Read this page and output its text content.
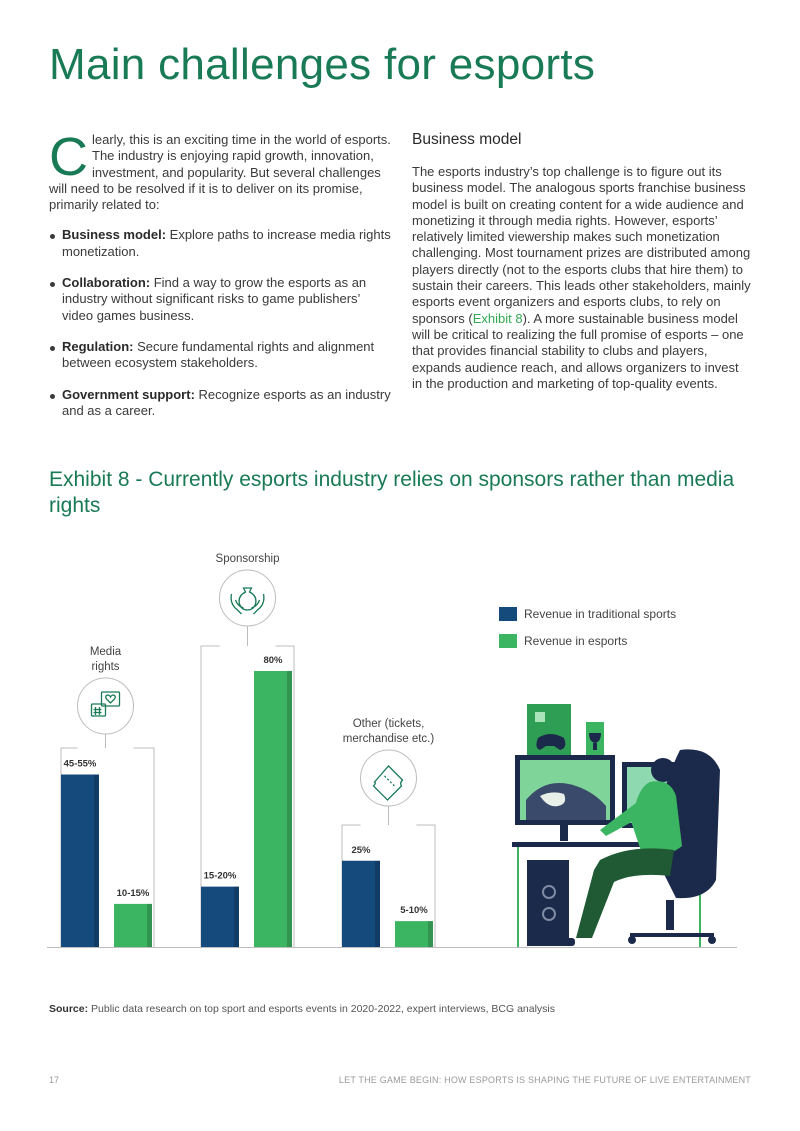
Main challenges for esports

Clearly, this is an exciting time in the world of esports. The industry is enjoying rapid growth, innovation, investment, and popularity. But several challenges will need to be resolved if it is to deliver on its promise, primarily related to:

Business model: Explore paths to increase media rights monetization.
Collaboration: Find a way to grow the esports as an industry without significant risks to game publishers’ video games business.
Regulation: Secure fundamental rights and alignment between ecosystem stakeholders.
Government support: Recognize esports as an industry and as a career.
Business model

The esports industry’s top challenge is to figure out its business model. The analogous sports franchise business model is built on creating content for a wide audience and monetizing it through media rights. However, esports’ relatively limited viewership makes such monetization challenging. Most tournament prizes are distributed among players directly (not to the esports clubs that hire them) to sustain their careers. This leads other stakeholders, mainly esports event organizers and esports clubs, to rely on sponsors (Exhibit 8). A more sustainable business model will be critical to realizing the full promise of esports – one that provides financial stability to clubs and players, expands audience reach, and allows organizers to invest in the production and marketing of top-quality events.

Exhibit 8 - Currently esports industry relies on sponsors rather than media rights
45-55%
10-15%
15-20%
80%
25%
5-10%
Media
rights
Sponsorship
Other (tickets,
merchandise etc.)
Revenue in traditional sports
Revenue in esports
Source: Public data research on top sport and esports events in 2020-2022, expert interviews, BCG analysis
17	LET THE GAME BEGIN: HOW ESPORTS IS SHAPING THE FUTURE OF LIVE ENTERTAINMENT
